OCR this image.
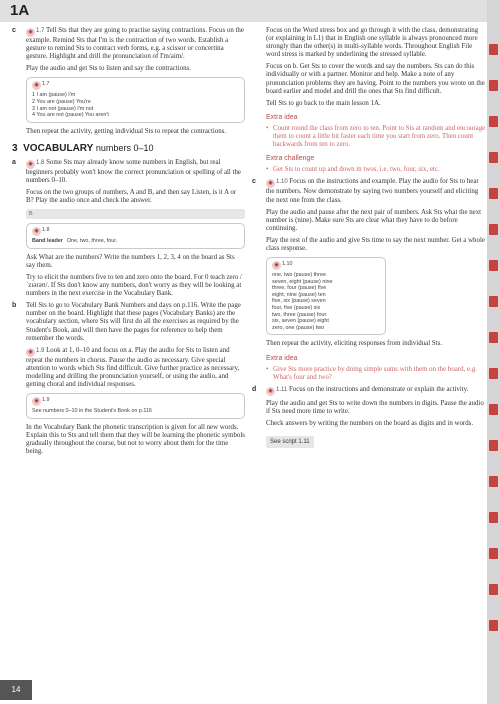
1A
c	◉ 1.7 Tell Sts that they are going to practise saying contractions. Focus on the example. Remind Sts that I'm is the contraction of two words. Establish a gesture to remind Sts to contract verb forms, e.g. a scissor or concertina gesture. Highlight and drill the pronunciation of I'm/aim/.

Play the audio and get Sts to listen and say the contractions.

◉ 1.7
1 I am (pause) I'm
2 You are (pause) You're
3 I am not (pause) I'm not
4 You are not (pause) You aren't

Then repeat the activity, getting individual Sts to repeat the contractions.

3 VOCABULARY numbers 0–10
a	◉ 1.8 Some Sts may already know some numbers in English, but real beginners probably won't know the correct pronunciation or spelling of all the numbers 0–10.

Focus on the two groups of numbers, A and B, and then say Listen, is it A or B? Play the audio once and check the answer.

B
◉ 1.8
Band leader One, two, three, four.

Ask What are the numbers? Write the numbers 1, 2, 3, 4 on the board as Sts say them.

Try to elicit the numbers five to ten and zero onto the board. For 0 teach zero /ˈzɪərəʊ/. If Sts don't know any numbers, don't worry as they will be looking at numbers in the next exercise in the Vocabulary Bank.

b Tell Sts to go to Vocabulary Bank Numbers and days on p.116. Write the page number on the board. Highlight that these pages (Vocabulary Banks) are the vocabulary section, where Sts will first do all the exercises as required by the Student's Book, and will then have the pages for reference to help them remember the words.

◉ 1.9 Look at 1, 0–10 and focus on a. Play the audio for Sts to listen and repeat the numbers in chorus. Pause the audio as necessary. Give special attention to words which Sts find difficult. Give further practice as necessary, modelling and drilling the pronunciation yourself, or using the audio, and getting choral and individual responses.

◉ 1.9
See numbers 0–10 in the Student's Book on p.116

In the Vocabulary Bank the phonetic transcription is given for all new words. Explain this to Sts and tell them that they will be learning the phonetic symbols gradually throughout the course, but not to worry about them for the time being.

Focus on the Word stress box and go through it with the class, demonstrating (or explaining in L1) that in English one syllable is always pronounced more strongly than the other(s) in multi-syllable words. Throughout English File word stress is marked by underlining the stressed syllable.

Focus on b. Get Sts to cover the words and say the numbers. Sts can do this individually or with a partner. Monitor and help. Make a note of any pronunciation problems they are having. Point to the numbers you wrote on the board earlier and model and drill the ones that Sts find difficult.

Tell Sts to go back to the main lesson 1A.

Extra idea
• Count round the class from zero to ten. Point to Sts at random and encourage them to count a little bit faster each time you start from zero. Then count backwards from ten to zero.
Extra challenge
• Get Sts to count up and down in twos, i.e. two, four, six, etc.
c	◉ 1.10 Focus on the instructions and example. Play the audio for Sts to hear the numbers. Now demonstrate by saying two numbers yourself and eliciting the next one from the class.

Play the audio and pause after the next pair of numbers. Ask Sts what the next number is (nine). Make sure Sts are clear what they have to do before continuing.

Play the rest of the audio and give Sts time to say the next number. Get a whole class response.

◉ 1.10
one, two (pause) three
seven, eight (pause) nine
three, four (pause) five
eight, nine (pause) ten
five, six (pause) seven
four, five (pause) six
two, three (pause) four
six, seven (pause) eight
zero, one (pause) two

Then repeat the activity, eliciting responses from individual Sts.

Extra idea
• Give Sts more practice by doing simple sums with them on the board, e.g. What's four and two?
d	◉ 1.11 Focus on the instructions and demonstrate or explain the activity.

Play the audio and get Sts to write down the numbers in digits. Pause the audio if Sts need more time to write.

Check answers by writing the numbers on the board as digits and in words.

See script 1.11
14
